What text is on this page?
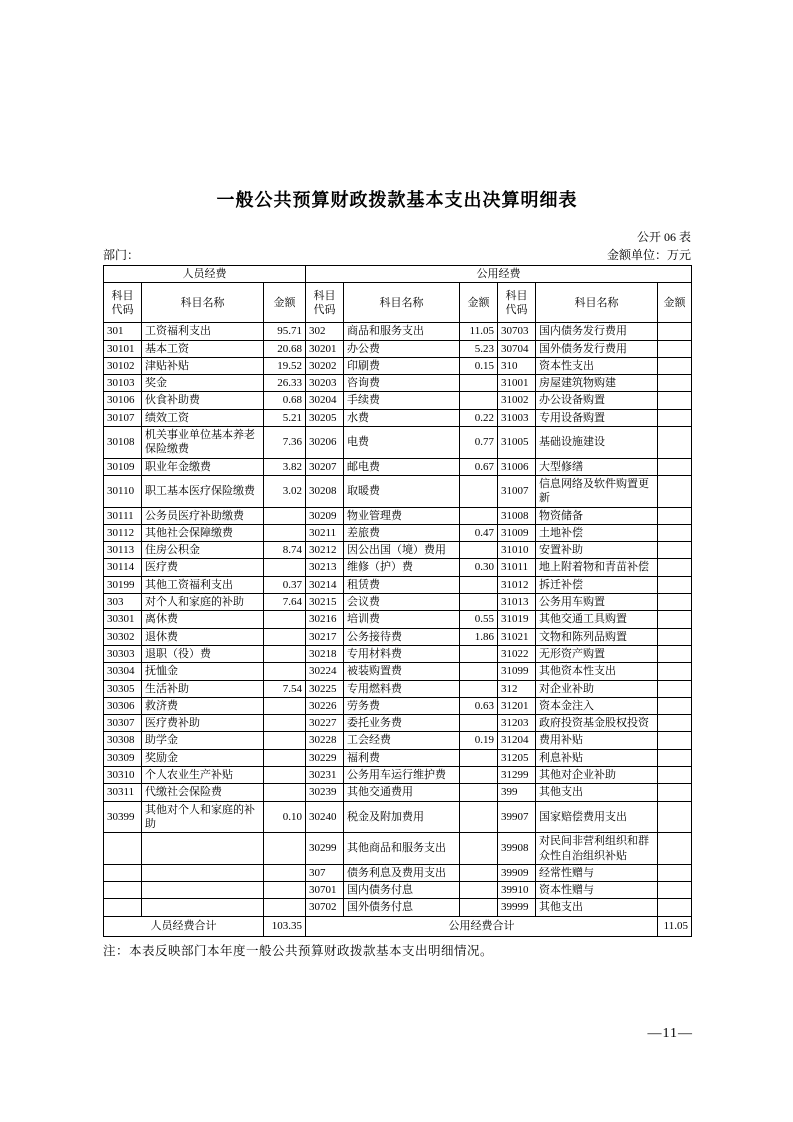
一般公共预算财政拨款基本支出决算明细表
公开 06 表
部门：	金额单位：万元
人员经费			公用经费					
科目代码	科目名称	金额	科目代码	科目名称	金额	科目代码	科目名称	金额
301	工资福利支出	95.71	302	商品和服务支出	11.05	30703	国内债务发行费用	
30101	基本工资	20.68	30201	办公费	5.23	30704	国外债务发行费用	
30102	津贴补贴	19.52	30202	印刷费	0.15	310	资本性支出	
30103	奖金	26.33	30203	咨询费		31001	房屋建筑物购建	
30106	伙食补助费	0.68	30204	手续费		31002	办公设备购置	
30107	绩效工资	5.21	30205	水费	0.22	31003	专用设备购置	
30108	机关事业单位基本养老保险缴费	7.36	30206	电费	0.77	31005	基础设施建设	
30109	职业年金缴费	3.82	30207	邮电费	0.67	31006	大型修缮	
30110	职工基本医疗保险缴费	3.02	30208	取暖费		31007	信息网络及软件购置更新	
30111	公务员医疗补助缴费		30209	物业管理费		31008	物资储备	
30112	其他社会保障缴费		30211	差旅费	0.47	31009	土地补偿	
30113	住房公积金	8.74	30212	因公出国（境）费用		31010	安置补助	
30114	医疗费		30213	维修（护）费	0.30	31011	地上附着物和青苗补偿	
30199	其他工资福利支出	0.37	30214	租赁费		31012	拆迁补偿	
303	对个人和家庭的补助	7.64	30215	会议费		31013	公务用车购置	
30301	离休费		30216	培训费	0.55	31019	其他交通工具购置	
30302	退休费		30217	公务接待费	1.86	31021	文物和陈列品购置	
30303	退职（役）费		30218	专用材料费		31022	无形资产购置	
30304	抚恤金		30224	被装购置费		31099	其他资本性支出	
30305	生活补助	7.54	30225	专用燃料费		312	对企业补助	
30306	救济费		30226	劳务费	0.63	31201	资本金注入	
30307	医疗费补助		30227	委托业务费		31203	政府投资基金股权投资	
30308	助学金		30228	工会经费	0.19	31204	费用补贴	
30309	奖励金		30229	福利费		31205	利息补贴	
30310	个人农业生产补贴		30231	公务用车运行维护费		31299	其他对企业补助	
30311	代缴社会保险费		30239	其他交通费用		399	其他支出	
30399	其他对个人和家庭的补助	0.10	30240	税金及附加费用		39907	国家赔偿费用支出	
			30299	其他商品和服务支出		39908	对民间非营利组织和群众性自治组织补贴	
			307	债务利息及费用支出		39909	经常性赠与	
			30701	国内债务付息		39910	资本性赠与	
			30702	国外债务付息		39999	其他支出	
人员经费合计		103.35	公用经费合计					11.05
注：本表反映部门本年度一般公共预算财政拨款基本支出明细情况。
—11—
